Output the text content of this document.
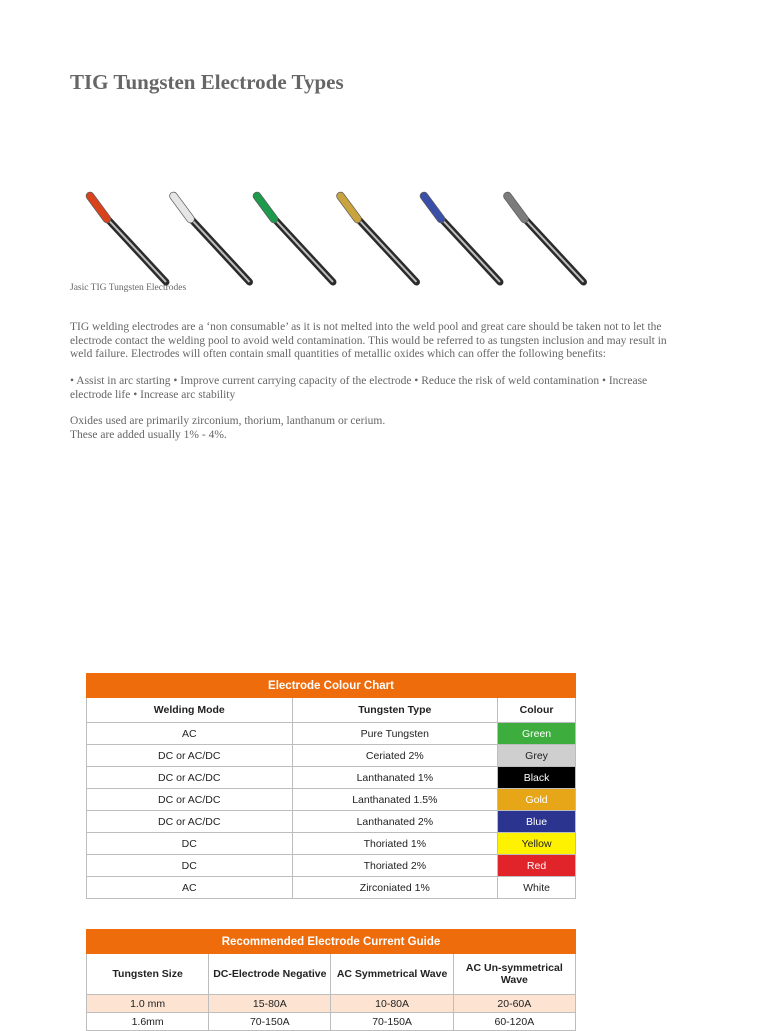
TIG Tungsten Electrode Types
Jasic TIG Tungsten Electrodes
TIG welding electrodes are a ‘non consumable’ as it is not melted into the weld pool and great care should be taken not to let the electrode contact the welding pool to avoid weld contamination. This would be referred to as tungsten inclusion and may result in weld failure. Electrodes will often contain small quantities of metallic oxides which can offer the following benefits:
• Assist in arc starting • Improve current carrying capacity of the electrode • Reduce the risk of weld contamination • Increase electrode life • Increase arc stability
Oxides used are primarily zirconium, thorium, lanthanum or cerium.
These are added usually 1% - 4%.
Electrode Colour Chart		
Welding Mode	Tungsten Type	Colour
AC	Pure Tungsten	Green
DC or AC/DC	Ceriated 2%	Grey
DC or AC/DC	Lanthanated 1%	Black
DC or AC/DC	Lanthanated 1.5%	Gold
DC or AC/DC	Lanthanated 2%	Blue
DC	Thoriated 1%	Yellow
DC	Thoriated 2%	Red
AC	Zirconiated 1%	White
Recommended Electrode Current Guide			
Tungsten Size	DC-Electrode Negative	AC Symmetrical Wave	AC Un-symmetrical Wave
1.0 mm	15-80A	10-80A	20-60A
1.6mm	70-150A	70-150A	60-120A
